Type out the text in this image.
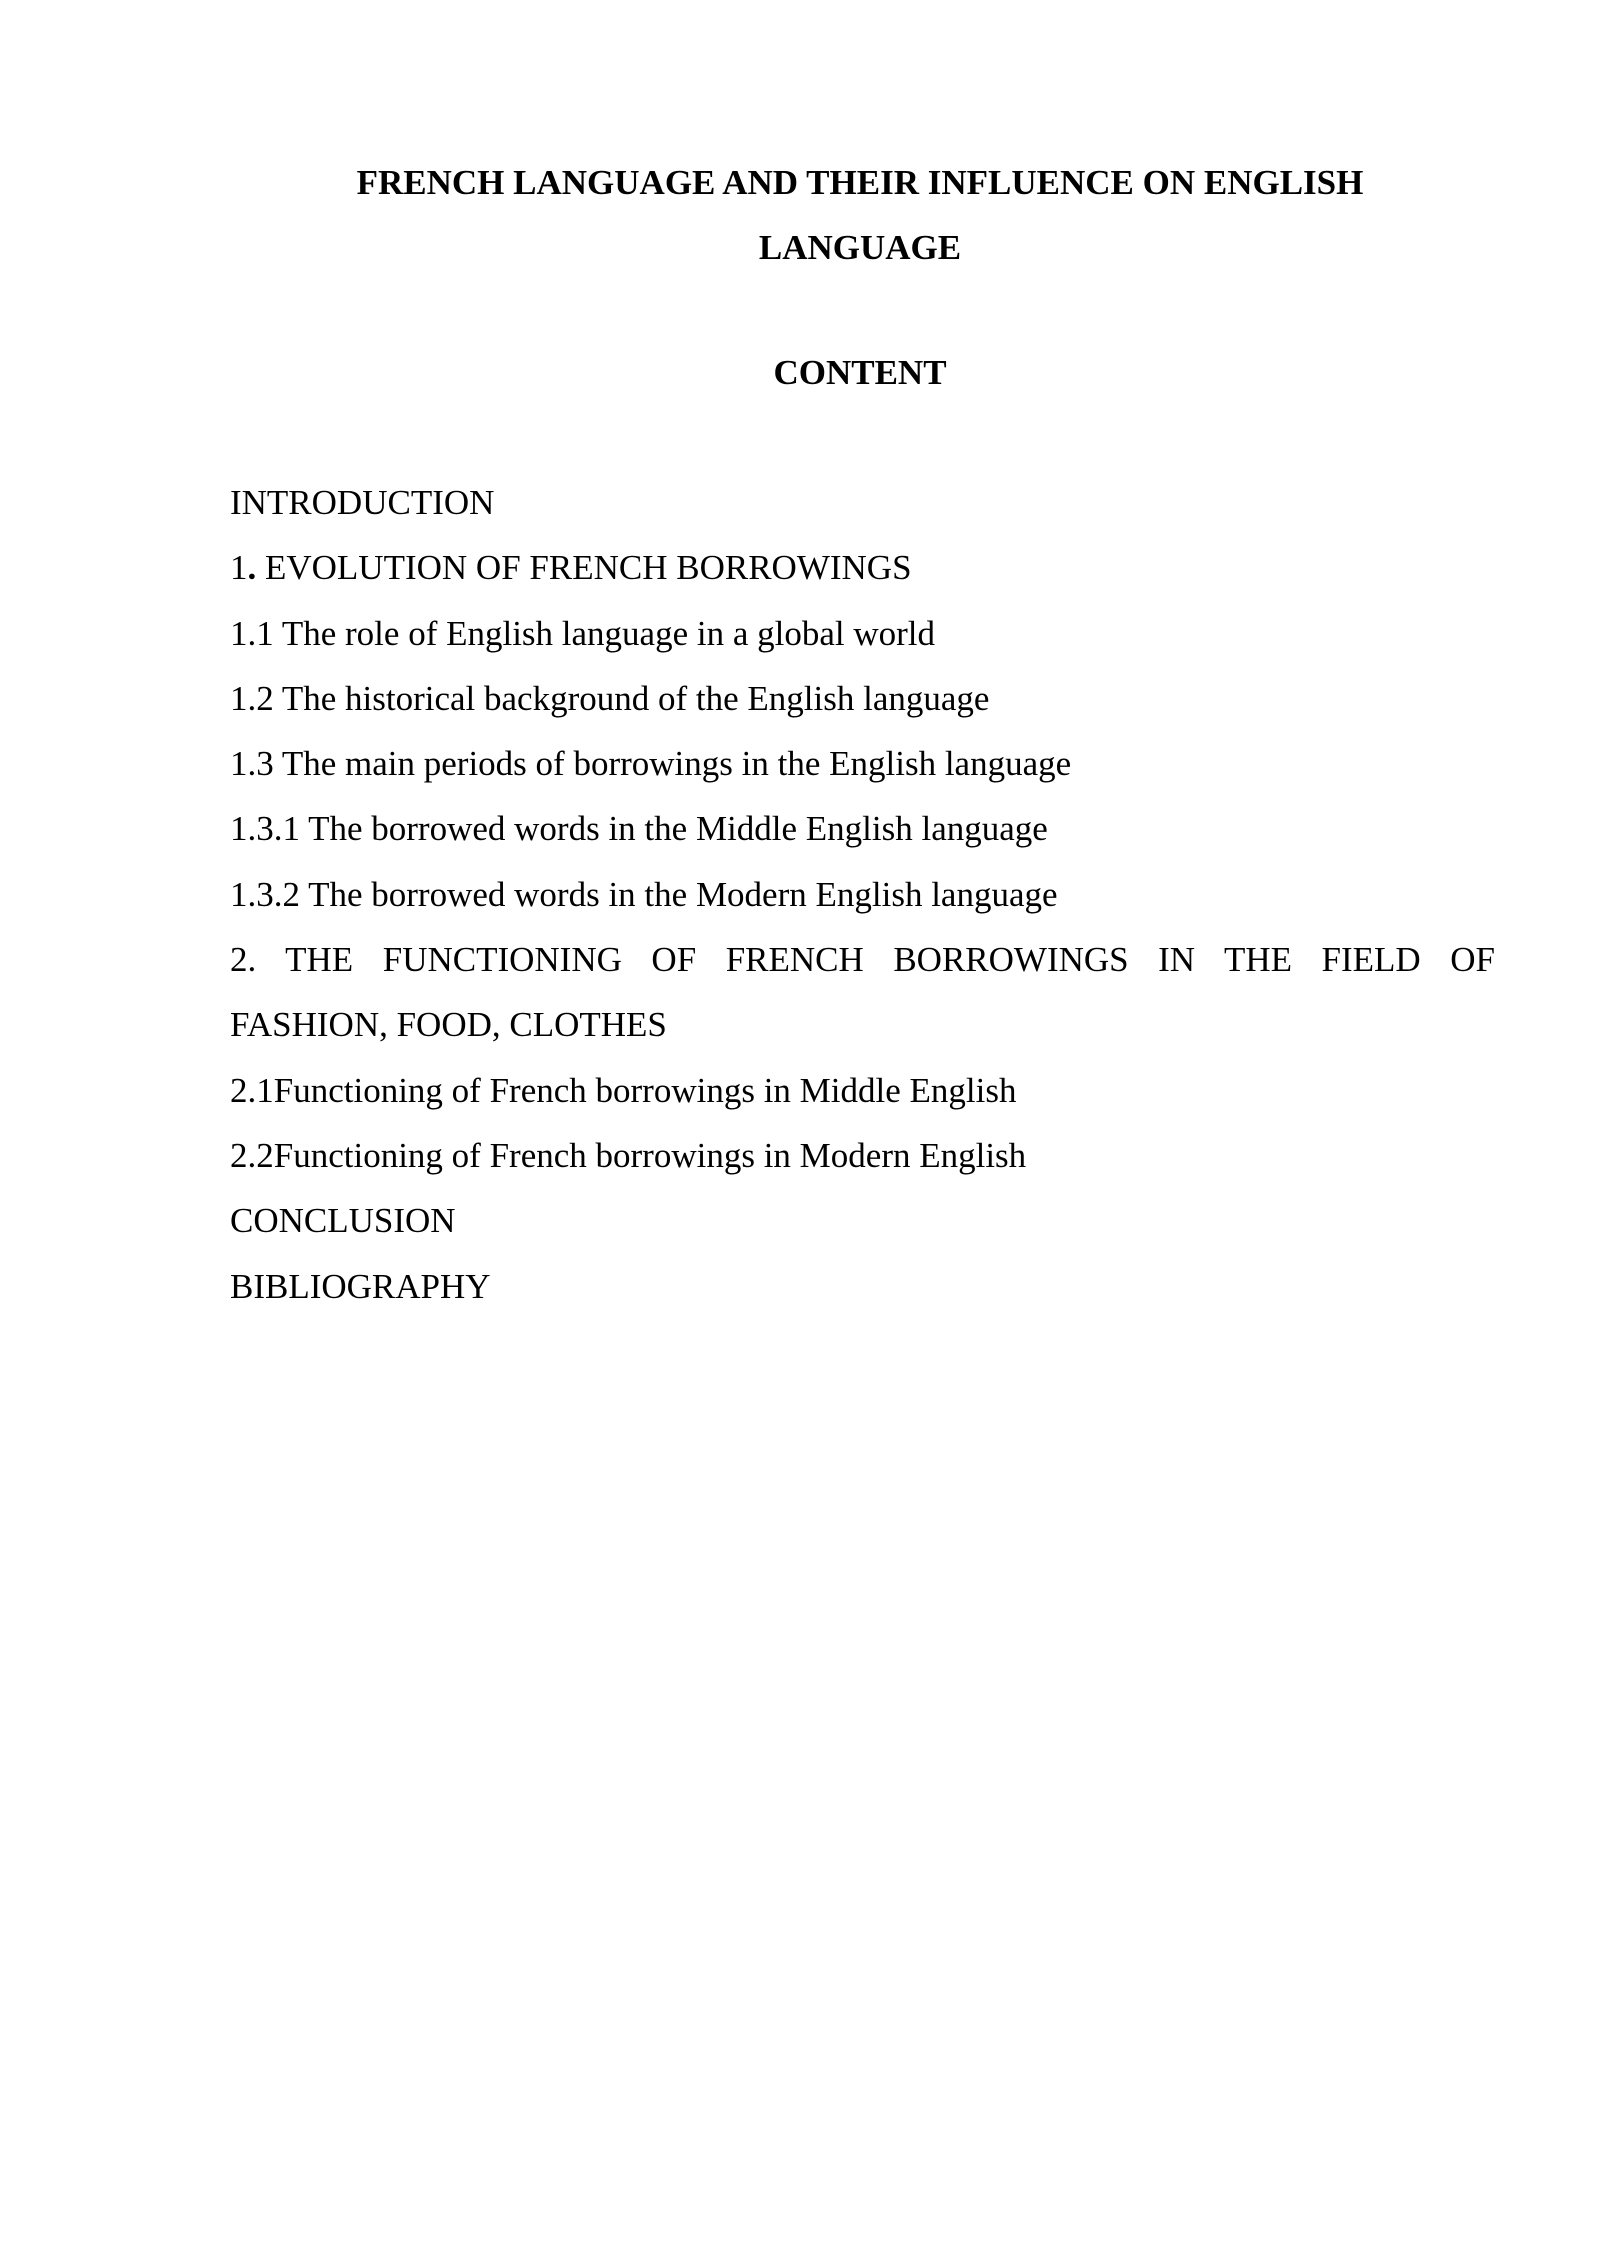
FRENCH LANGUAGE AND THEIR INFLUENCE ON ENGLISH
LANGUAGE
CONTENT
INTRODUCTION
1. EVOLUTION OF FRENCH BORROWINGS
1.1 The role of English language in a global world
1.2 The historical background of the English language
1.3 The main periods of borrowings in the English language
1.3.1 The borrowed words in the Middle English language
1.3.2 The borrowed words in the Modern English language
2. THE FUNCTIONING OF FRENCH BORROWINGS IN THE FIELD OF
FASHION, FOOD, CLOTHES
2.1Functioning of French borrowings in Middle English
2.2Functioning of French borrowings in Modern English
CONCLUSION
BIBLIOGRAPHY
